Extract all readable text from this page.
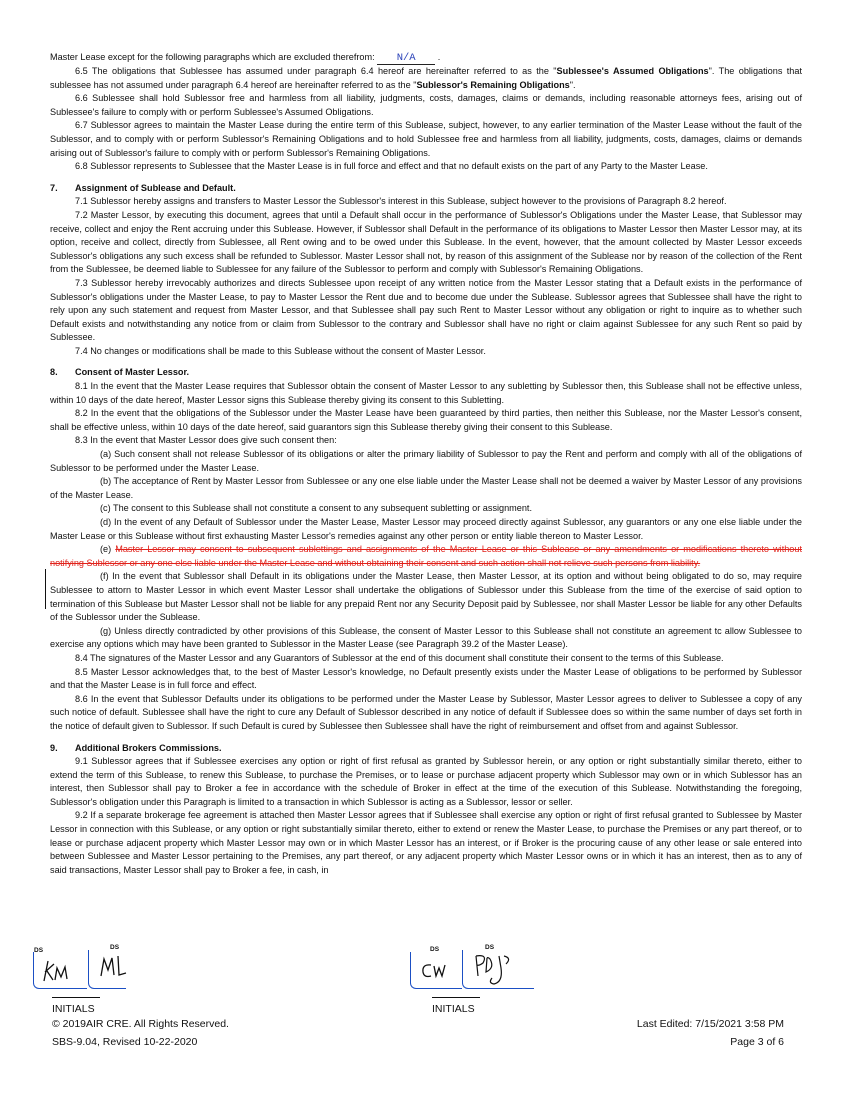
Master Lease except for the following paragraphs which are excluded therefrom: N/A .

6.5 The obligations that Sublessee has assumed under paragraph 6.4 hereof are hereinafter referred to as the "Sublessee's Assumed Obligations". The obligations that sublessee has not assumed under paragraph 6.4 hereof are hereinafter referred to as the "Sublessor's Remaining Obligations".

6.6 Sublessee shall hold Sublessor free and harmless from all liability, judgments, costs, damages, claims or demands, including reasonable attorneys fees, arising out of Sublessee's failure to comply with or perform Sublessee's Assumed Obligations.

6.7 Sublessor agrees to maintain the Master Lease during the entire term of this Sublease, subject, however, to any earlier termination of the Master Lease without the fault of the Sublessor, and to comply with or perform Sublessor's Remaining Obligations and to hold Sublessee free and harmless from all liability, judgments, costs, damages, claims or demands arising out of Sublessor's failure to comply with or perform Sublessor's Remaining Obligations.

6.8 Sublessor represents to Sublessee that the Master Lease is in full force and effect and that no default exists on the part of any Party to the Master Lease.

7. Assignment of Sublease and Default.

7.1 Sublessor hereby assigns and transfers to Master Lessor the Sublessor's interest in this Sublease, subject however to the provisions of Paragraph 8.2 hereof.

7.2 Master Lessor, by executing this document, agrees that until a Default shall occur in the performance of Sublessor's Obligations under the Master Lease, that Sublessor may receive, collect and enjoy the Rent accruing under this Sublease. However, if Sublessor shall Default in the performance of its obligations to Master Lessor then Master Lessor may, at its option, receive and collect, directly from Sublessee, all Rent owing and to be owed under this Sublease. In the event, however, that the amount collected by Master Lessor exceeds Sublessor's obligations any such excess shall be refunded to Sublessor. Master Lessor shall not, by reason of this assignment of the Sublease nor by reason of the collection of the Rent from the Sublessee, be deemed liable to Sublessee for any failure of the Sublessor to perform and comply with Sublessor's Remaining Obligations.

7.3 Sublessor hereby irrevocably authorizes and directs Sublessee upon receipt of any written notice from the Master Lessor stating that a Default exists in the performance of Sublessor's obligations under the Master Lease, to pay to Master Lessor the Rent due and to become due under the Sublease. Sublessor agrees that Sublessee shall have the right to rely upon any such statement and request from Master Lessor, and that Sublessee shall pay such Rent to Master Lessor without any obligation or right to inquire as to whether such Default exists and notwithstanding any notice from or claim from Sublessor to the contrary and Sublessor shall have no right or claim against Sublessee for any such Rent so paid by Sublessee.

7.4 No changes or modifications shall be made to this Sublease without the consent of Master Lessor.

8. Consent of Master Lessor.

8.1 In the event that the Master Lease requires that Sublessor obtain the consent of Master Lessor to any subletting by Sublessor then, this Sublease shall not be effective unless, within 10 days of the date hereof, Master Lessor signs this Sublease thereby giving its consent to this Subletting.

8.2 In the event that the obligations of the Sublessor under the Master Lease have been guaranteed by third parties, then neither this Sublease, nor the Master Lessor's consent, shall be effective unless, within 10 days of the date hereof, said guarantors sign this Sublease thereby giving their consent to this Sublease.

8.3 In the event that Master Lessor does give such consent then:

(a) Such consent shall not release Sublessor of its obligations or alter the primary liability of Sublessor to pay the Rent and perform and comply with all of the obligations of Sublessor to be performed under the Master Lease.

(b) The acceptance of Rent by Master Lessor from Sublessee or any one else liable under the Master Lease shall not be deemed a waiver by Master Lessor of any provisions of the Master Lease.

(c) The consent to this Sublease shall not constitute a consent to any subsequent subletting or assignment.

(d) In the event of any Default of Sublessor under the Master Lease, Master Lessor may proceed directly against Sublessor, any guarantors or any one else liable under the Master Lease or this Sublease without first exhausting Master Lessor's remedies against any other person or entity liable thereon to Master Lessor.

(e) Master Lessor may consent to subsequent sublettings and assignments of the Master Lease or this Sublease or any amendments or modifications thereto without notifying Sublessor or any one else liable under the Master Lease and without obtaining their consent and such action shall not relieve such persons from liability.

(f) In the event that Sublessor shall Default in its obligations under the Master Lease, then Master Lessor, at its option and without being obligated to do so, may require Sublessee to attorn to Master Lessor in which event Master Lessor shall undertake the obligations of Sublessor under this Sublease from the time of the exercise of said option to termination of this Sublease but Master Lessor shall not be liable for any prepaid Rent nor any Security Deposit paid by Sublessee, nor shall Master Lessor be liable for any other Defaults of the Sublessor under the Sublease.

(g) Unless directly contradicted by other provisions of this Sublease, the consent of Master Lessor to this Sublease shall not constitute an agreement tc allow Sublessee to exercise any options which may have been granted to Sublessor in the Master Lease (see Paragraph 39.2 of the Master Lease).

8.4 The signatures of the Master Lessor and any Guarantors of Sublessor at the end of this document shall constitute their consent to the terms of this Sublease.

8.5 Master Lessor acknowledges that, to the best of Master Lessor's knowledge, no Default presently exists under the Master Lease of obligations to be performed by Sublessor and that the Master Lease is in full force and effect.

8.6 In the event that Sublessor Defaults under its obligations to be performed under the Master Lease by Sublessor, Master Lessor agrees to deliver to Sublessee a copy of any such notice of default. Sublessee shall have the right to cure any Default of Sublessor described in any notice of default if Sublessee does so within the same number of days set forth in the notice of default given to Sublessor. If such Default is cured by Sublessee then Sublessee shall have the right of reimbursement and offset from and against Sublessor.

9. Additional Brokers Commissions.

9.1 Sublessor agrees that if Sublessee exercises any option or right of first refusal as granted by Sublessor herein, or any option or right substantially similar thereto, either to extend the term of this Sublease, to renew this Sublease, to purchase the Premises, or to lease or purchase adjacent property which Sublessor may own or in which Sublessor has an interest, then Sublessor shall pay to Broker a fee in accordance with the schedule of Broker in effect at the time of the execution of this Sublease. Notwithstanding the foregoing, Sublessor's obligation under this Paragraph is limited to a transaction in which Sublessor is acting as a Sublessor, lessor or seller.

9.2 If a separate brokerage fee agreement is attached then Master Lessor agrees that if Sublessee shall exercise any option or right of first refusal granted to Sublessee by Master Lessor in connection with this Sublease, or any option or right substantially similar thereto, either to extend or renew the Master Lease, to purchase the Premises or any part thereof, or to lease or purchase adjacent property which Master Lessor may own or in which Master Lessor has an interest, or if Broker is the procuring cause of any other lease or sale entered into between Sublessee and Master Lessor pertaining to the Premises, any part thereof, or any adjacent property which Master Lessor owns or in which it has an interest, then as to any of said transactions, Master Lessor shall pay to Broker a fee, in cash, in

DS	DS	DS	DS
INITIALS	INITIALS
© 2019AIR CRE. All Rights Reserved.
SBS-9.04, Revised 10-22-2020
Last Edited: 7/15/2021 3:58 PM
Page 3 of 6
